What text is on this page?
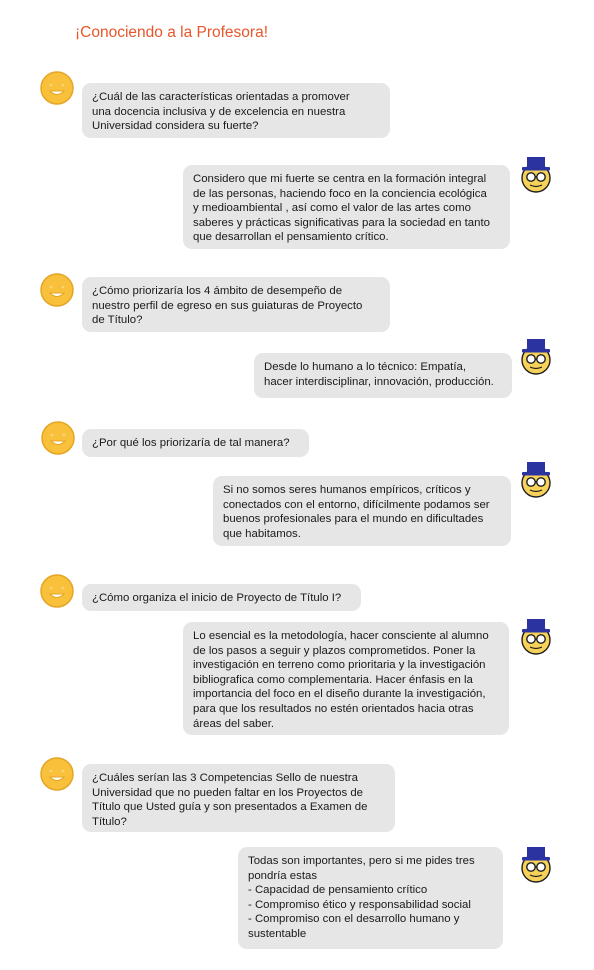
¡Conociendo a la Profesora!
¿Cuál de las características orientadas a promover
una docencia inclusiva y de excelencia en nuestra
Universidad considera su fuerte?
Considero que mi fuerte se centra en la formación integral
de las personas, haciendo foco en la conciencia ecológica
y medioambiental , así como el valor de las artes como
saberes y prácticas significativas para la sociedad en tanto
que desarrollan el pensamiento crítico.
¿Cómo priorizaría los 4 ámbito de desempeño de
nuestro perfil de egreso en sus guiaturas de Proyecto
de Título?
Desde lo humano a lo técnico: Empatía,
hacer interdisciplinar, innovación, producción.
¿Por qué los priorizaría de tal manera?
Si no somos seres humanos empíricos, críticos y
conectados con el entorno, difícilmente podamos ser
buenos profesionales para el mundo en dificultades
que habitamos.
¿Cómo organiza el inicio de Proyecto de Título I?
Lo esencial es la metodología, hacer consciente al alumno
de los pasos a seguir y plazos comprometidos. Poner la
investigación en terreno como prioritaria y la investigación
bibliografica como complementaria. Hacer énfasis en la
importancia del foco en el diseño durante la investigación,
para que los resultados no estén orientados hacia otras
áreas del saber.
¿Cuáles serían las 3 Competencias Sello de nuestra
Universidad que no pueden faltar en los Proyectos de
Título que Usted guía y son presentados a Examen de
Título?
Todas son importantes, pero si me pides tres
pondría estas
- Capacidad de pensamiento crítico
- Compromiso ético y responsabilidad social
- Compromiso con el desarrollo humano y
sustentable
